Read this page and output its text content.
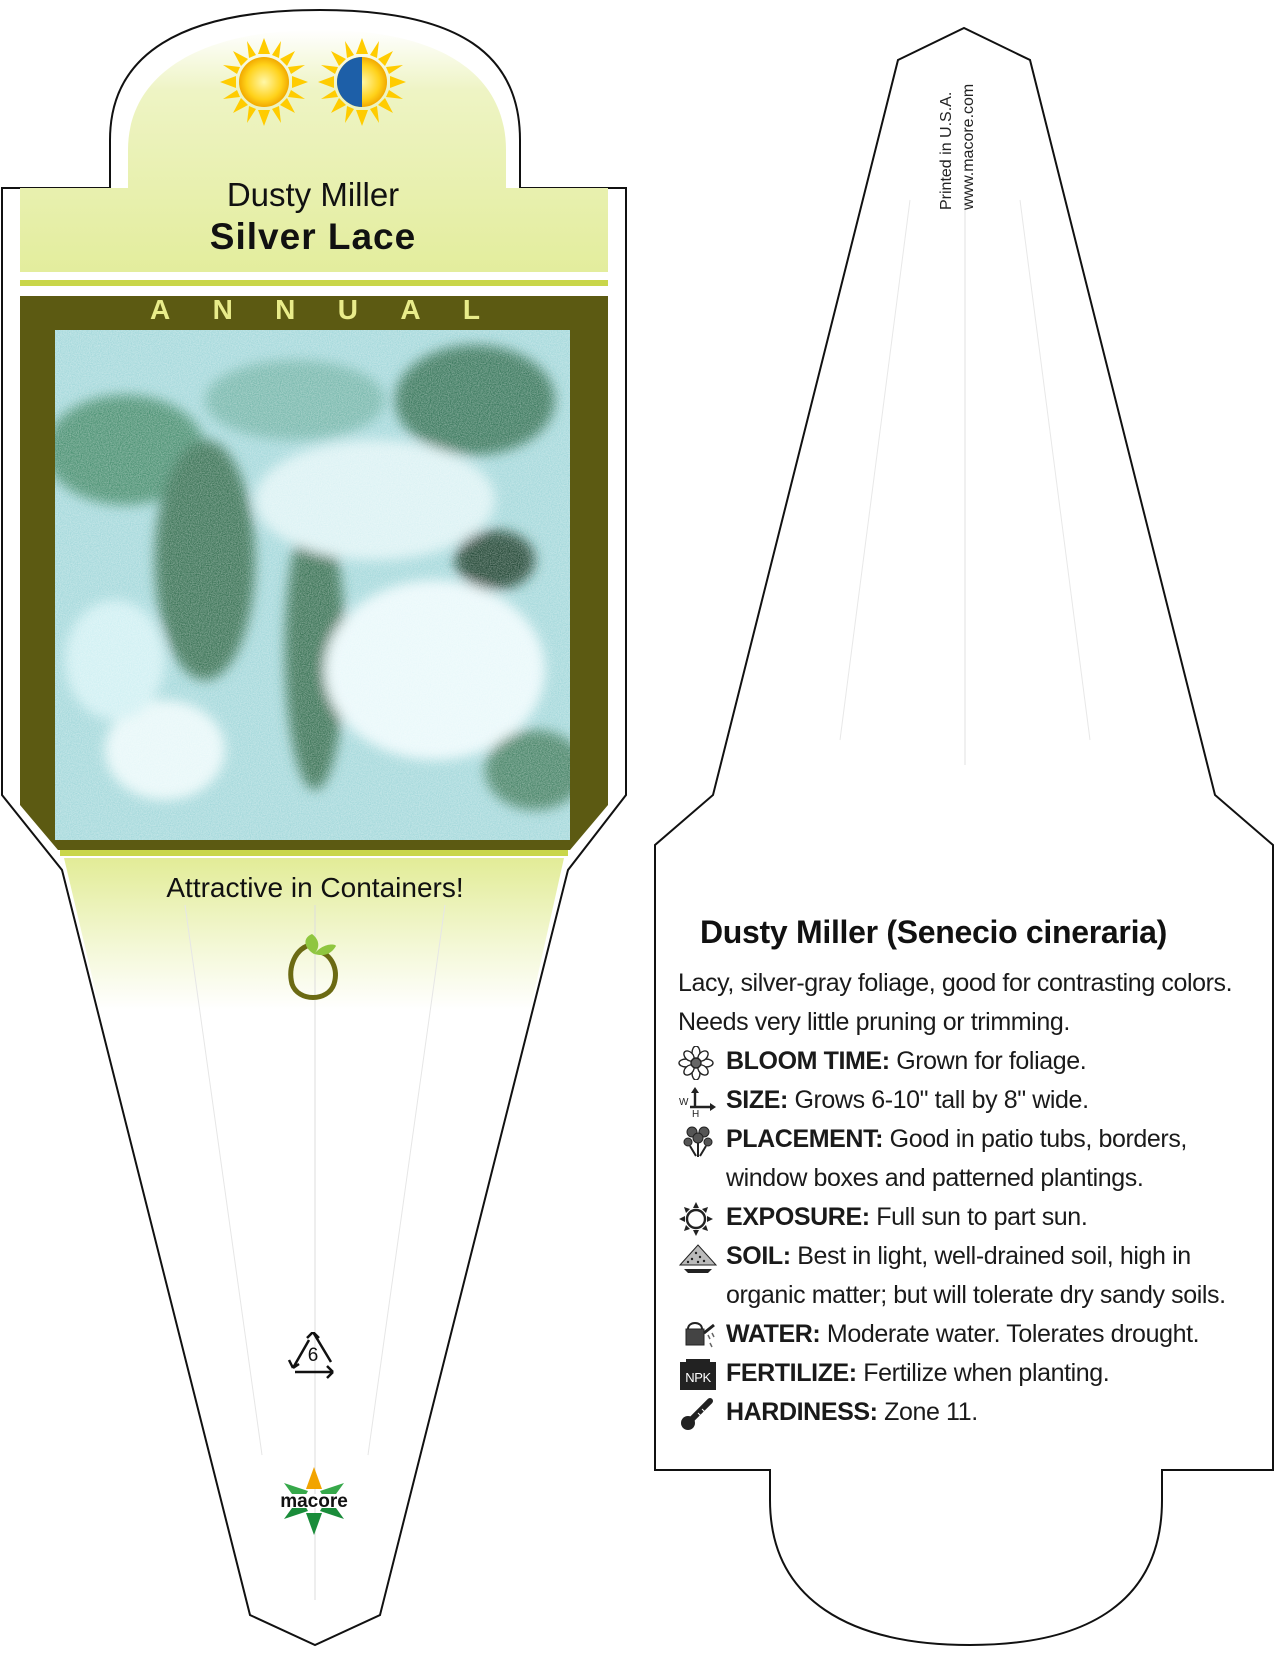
Dusty Miller
Silver Lace
A N N U A L
Attractive in Containers!
6
macore
Printed in U.S.A. www.macore.com
Dusty Miller (Senecio cineraria)

Lacy, silver-gray foliage, good for contrasting colors. Needs very little pruning or trimming.

BLOOM TIME: Grown for foliage.

W
H
SIZE: Grows 6-10" tall by 8" wide.

PLACEMENT: Good in patio tubs, borders, window boxes and patterned plantings.

EXPOSURE: Full sun to part sun.

SOIL: Best in light, well-drained soil, high in organic matter; but will tolerate dry sandy soils.

WATER: Moderate water. Tolerates drought.

NPK FERTILIZE: Fertilize when planting.

HARDINESS: Zone 11.
